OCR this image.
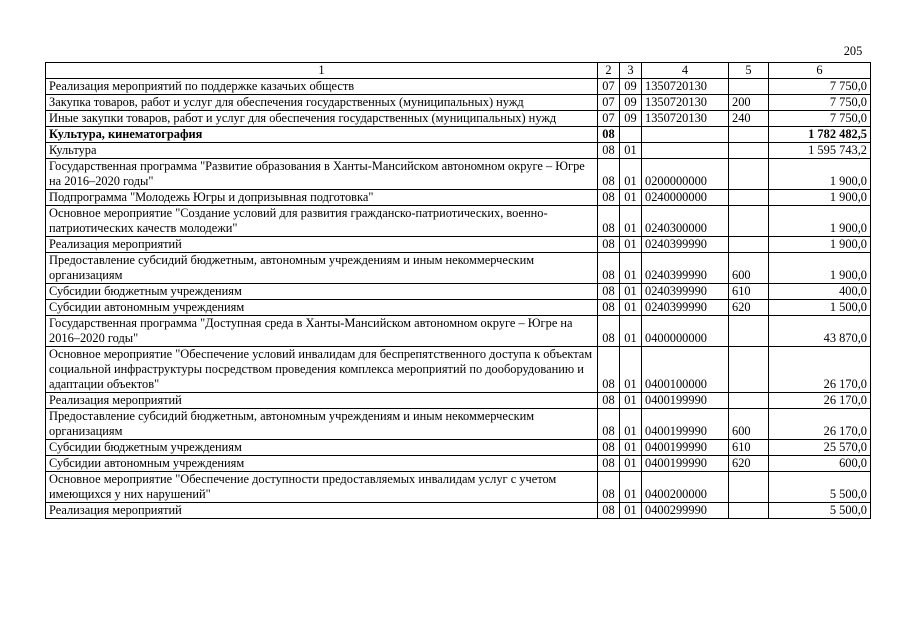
205
1	2	3	4	5	6
Реализация мероприятий по поддержке казачьих обществ	07	09	1350720130		7 750,0
Закупка товаров, работ и услуг для обеспечения государственных (муниципальных) нужд	07	09	1350720130	200	7 750,0
Иные закупки товаров, работ и услуг для обеспечения государственных (муниципальных) нужд	07	09	1350720130	240	7 750,0
Культура, кинематография	08				1 782 482,5
Культура	08	01			1 595 743,2
Государственная программа "Развитие образования в Ханты-Мансийском автономном округе – Югре на 2016–2020 годы"	08	01	0200000000		1 900,0
Подпрограмма "Молодежь Югры и допризывная подготовка"	08	01	0240000000		1 900,0
Основное мероприятие "Создание условий для развития гражданско-патриотических, военно-патриотических качеств молодежи"	08	01	0240300000		1 900,0
Реализация мероприятий	08	01	0240399990		1 900,0
Предоставление субсидий бюджетным, автономным учреждениям и иным некоммерческим организациям	08	01	0240399990	600	1 900,0
Субсидии бюджетным учреждениям	08	01	0240399990	610	400,0
Субсидии автономным учреждениям	08	01	0240399990	620	1 500,0
Государственная программа "Доступная среда в Ханты-Мансийском автономном округе – Югре на 2016–2020 годы"	08	01	0400000000		43 870,0
Основное мероприятие "Обеспечение условий инвалидам для беспрепятственного доступа к объектам социальной инфраструктуры посредством проведения комплекса мероприятий по дооборудованию и адаптации объектов"	08	01	0400100000		26 170,0
Реализация мероприятий	08	01	0400199990		26 170,0
Предоставление субсидий бюджетным, автономным учреждениям и иным некоммерческим организациям	08	01	0400199990	600	26 170,0
Субсидии бюджетным учреждениям	08	01	0400199990	610	25 570,0
Субсидии автономным учреждениям	08	01	0400199990	620	600,0
Основное мероприятие "Обеспечение доступности предоставляемых инвалидам услуг с учетом имеющихся у них нарушений"	08	01	0400200000		5 500,0
Реализация мероприятий	08	01	0400299990		5 500,0
